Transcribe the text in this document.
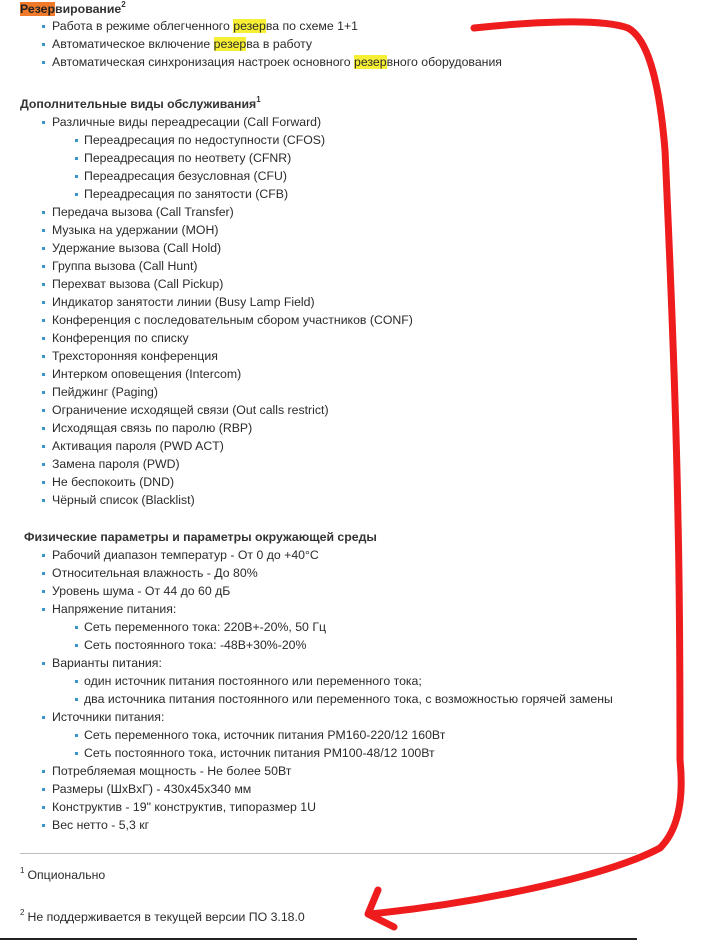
Резервирование$^2$
Работа в режиме облегченного резерва по схеме 1+1
Автоматическое включение резерва в работу
Автоматическая синхронизация настроек основного резервного оборудования
Дополнительные виды обслуживания$^1$
Различные виды переадресации (Call Forward)
Переадресация по недоступности (CFOS)
Переадресация по неответу (CFNR)
Переадресация безусловная (CFU)
Переадресация по занятости (CFB)
Передача вызова (Call Transfer)
Музыка на удержании (MOH)
Удержание вызова (Call Hold)
Группа вызова (Call Hunt)
Перехват вызова (Call Pickup)
Индикатор занятости линии (Busy Lamp Field)
Конференция с последовательным сбором участников (CONF)
Конференция по списку
Трехсторонняя конференция
Интерком оповещения (Intercom)
Пейджинг (Paging)
Ограничение исходящей связи (Out calls restrict)
Исходящая связь по паролю (RBP)
Активация пароля (PWD ACT)
Замена пароля (PWD)
Не беспокоить (DND)
Чёрный список (Blacklist)
Физические параметры и параметры окружающей среды
Рабочий диапазон температур - От 0 до +40°C
Относительная влажность - До 80%
Уровень шума - От 44 до 60 дБ
Напряжение питания:
Сеть переменного тока: 220В+-20%, 50 Гц
Сеть постоянного тока: -48В+30%-20%
Варианты питания:
один источник питания постоянного или переменного тока;
два источника питания постоянного или переменного тока, с возможностью горячей замены
Источники питания:
Сеть переменного тока, источник питания PM160-220/12 160Вт
Сеть постоянного тока, источник питания PM100-48/12 100Вт
Потребляемая мощность - Не более 50Вт
Размеры (ШхВхГ) - 430х45х340 мм
Конструктив - 19" конструктив, типоразмер 1U
Вес нетто - 5,3 кг
$^1$ Опционально
$^2$ Не поддерживается в текущей версии ПО 3.18.0
